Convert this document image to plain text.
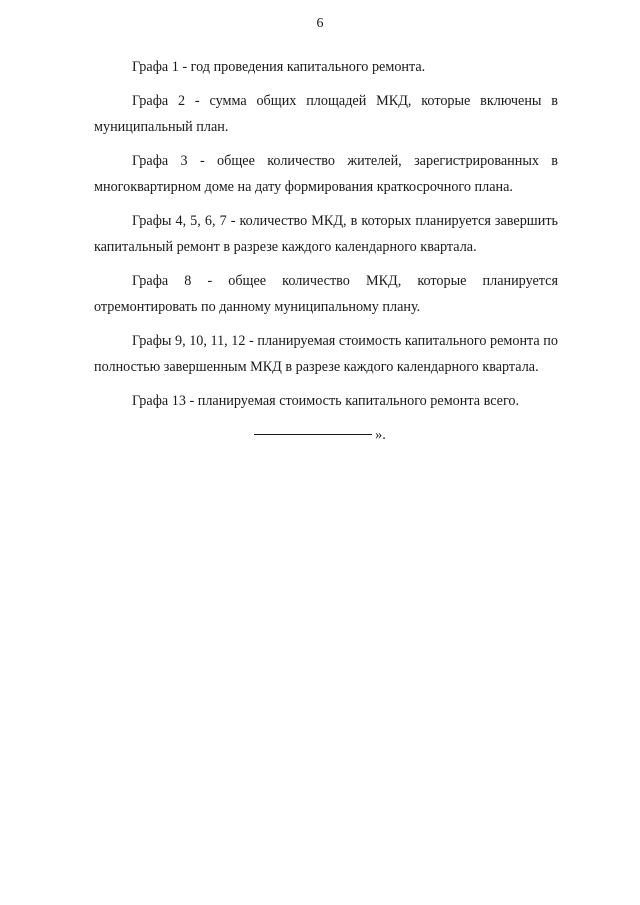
6

Графа 1 - год проведения капитального ремонта.

Графа 2 - сумма общих площадей МКД, которые включены в муниципальный план.

Графа 3 - общее количество жителей, зарегистрированных в многоквартирном доме на дату формирования краткосрочного плана.

Графы 4, 5, 6, 7 - количество МКД, в которых планируется завершить капитальный ремонт в разрезе каждого календарного квартала.

Графа 8 - общее количество МКД, которые планируется отремонтировать по данному муниципальному плану.

Графы 9, 10, 11, 12 - планируемая стоимость капитального ремонта по полностью завершенным МКД в разрезе каждого календарного квартала.

Графа 13 - планируемая стоимость капитального ремонта всего.

».
